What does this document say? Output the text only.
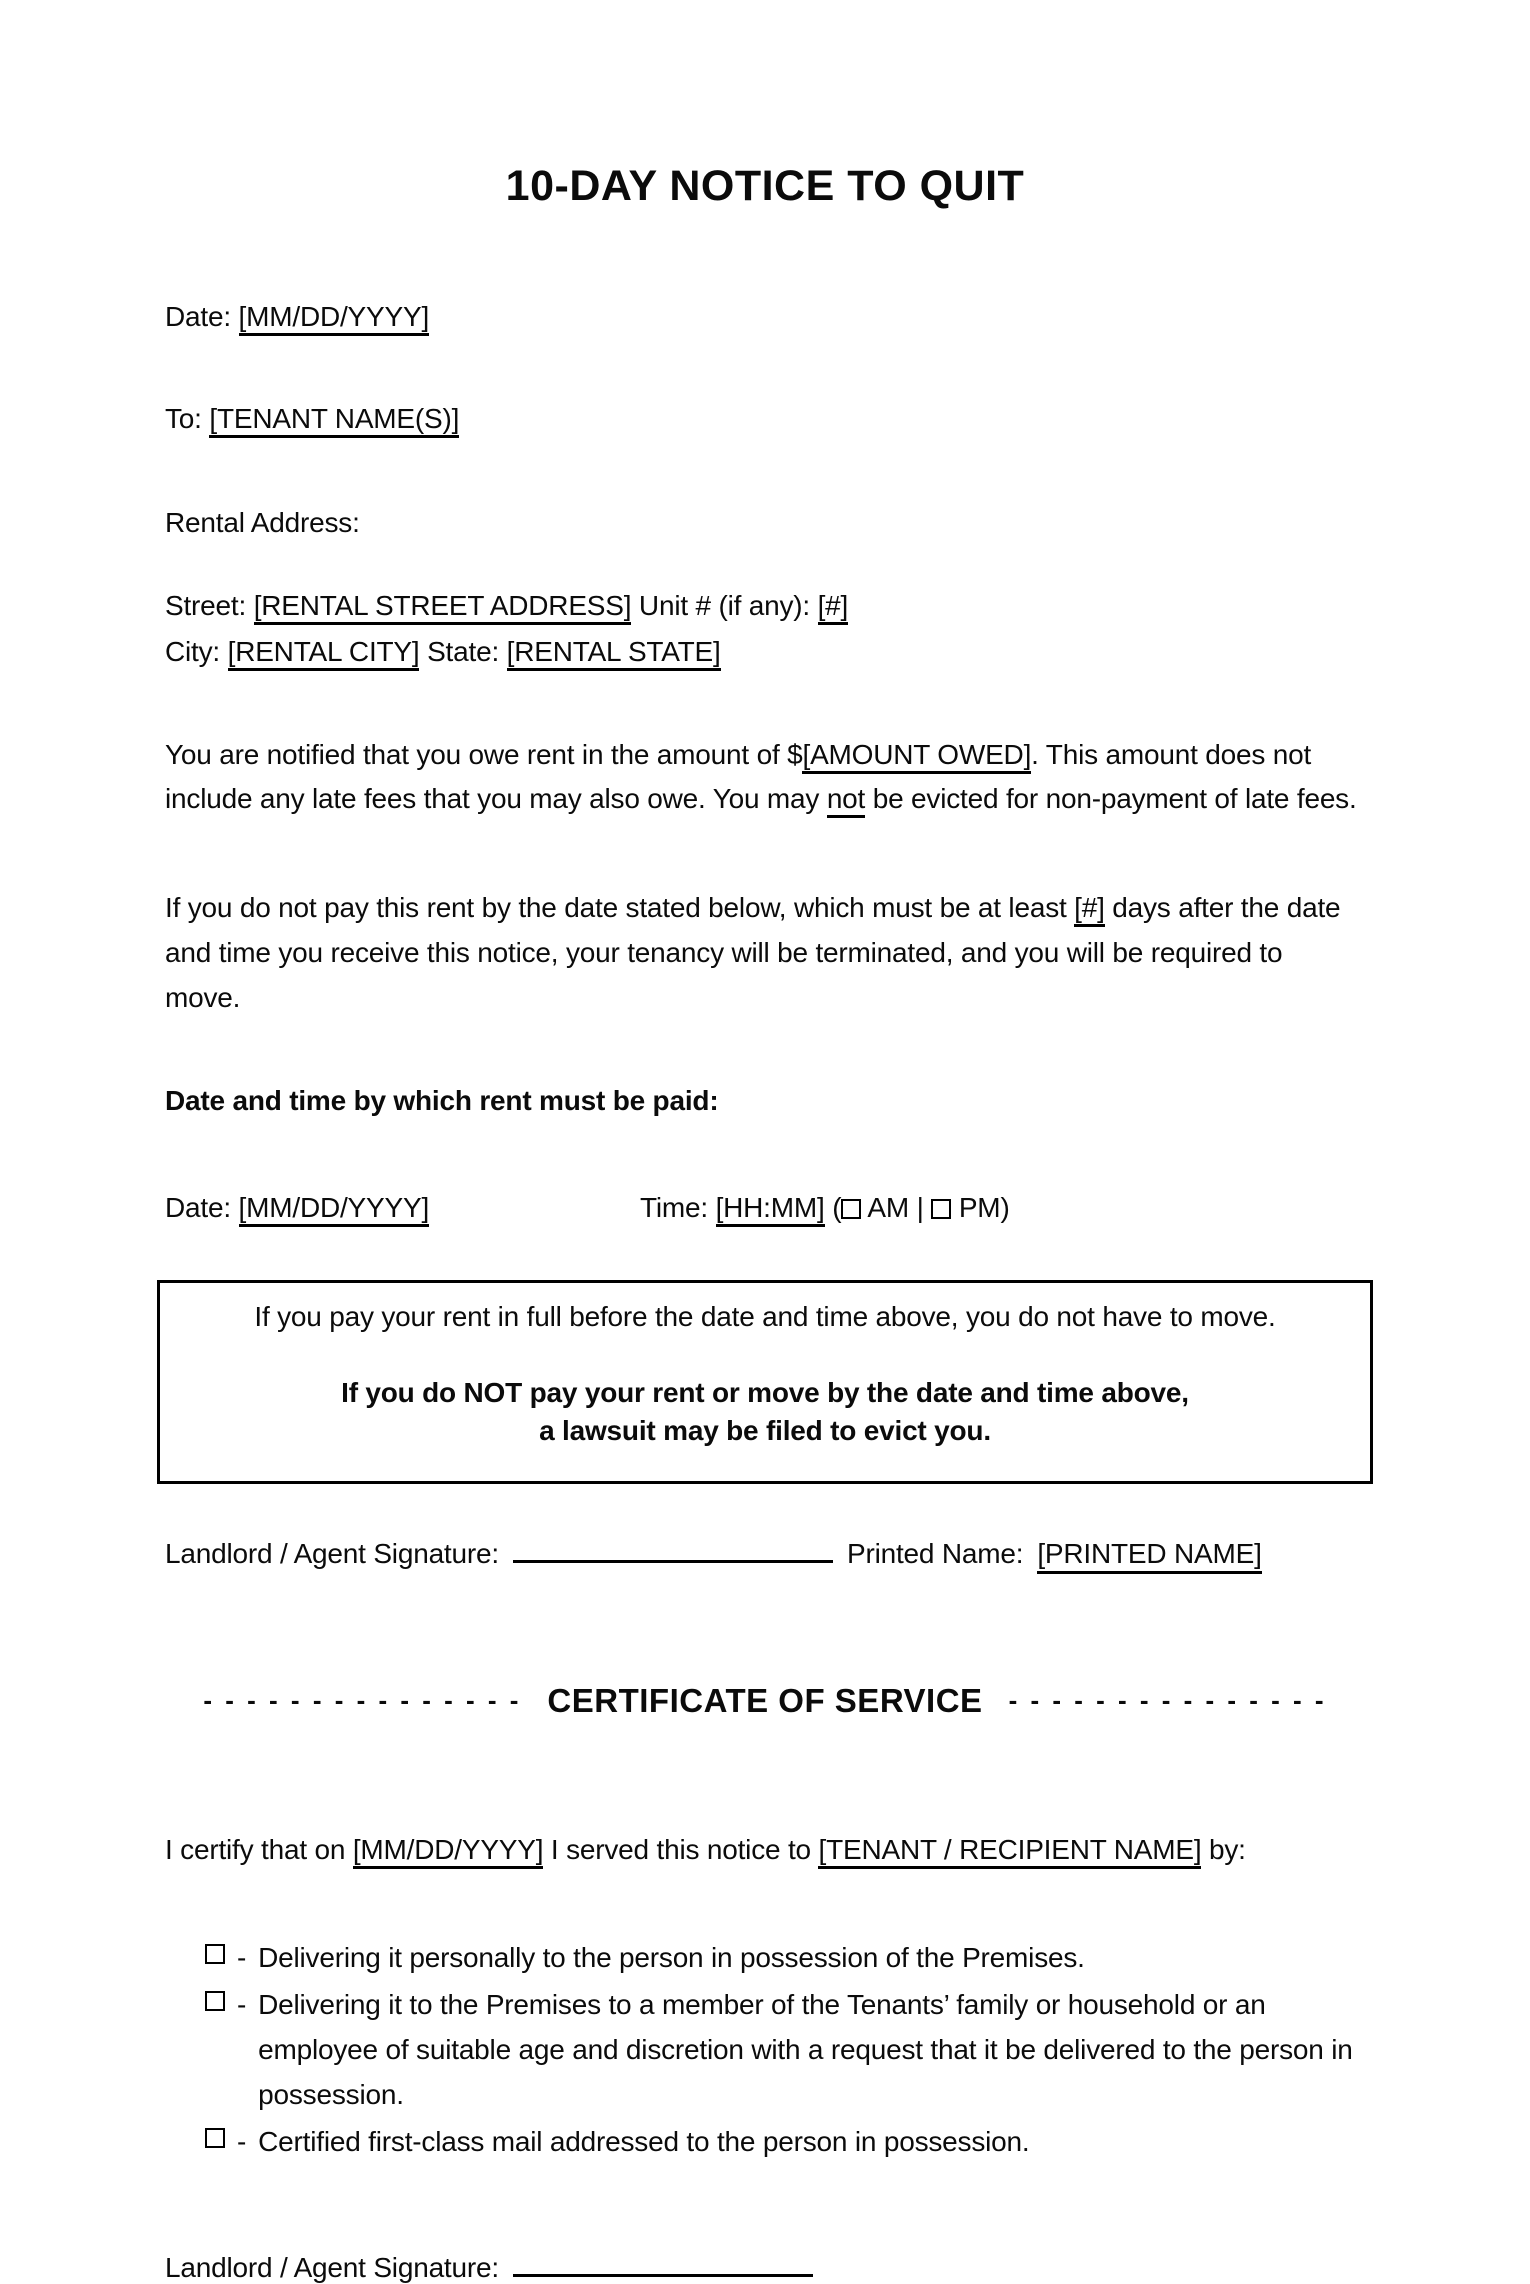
10-DAY NOTICE TO QUIT
Date: [MM/DD/YYYY]
To: [TENANT NAME(S)]
Rental Address:
Street: [RENTAL STREET ADDRESS] Unit # (if any): [#]
City: [RENTAL CITY] State: [RENTAL STATE]

You are notified that you owe rent in the amount of $[AMOUNT OWED]. This amount does not include any late fees that you may also owe. You may not be evicted for non-payment of late fees.

If you do not pay this rent by the date stated below, which must be at least [#] days after the date and time you receive this notice, your tenancy will be terminated, and you will be required to move.

Date and time by which rent must be paid:
Date: [MM/DD/YYYY]	Time: [HH:MM] ( AM | PM)
If you pay your rent in full before the date and time above, you do not have to move.
If you do NOT pay your rent or move by the date and time above,
a lawsuit may be filed to evict you.
Landlord / Agent Signature:	Printed Name: [PRINTED NAME]
- - - - - - - - - - - - - - - CERTIFICATE OF SERVICE - - - - - - - - - - - - - - -

I certify that on [MM/DD/YYYY] I served this notice to [TENANT / RECIPIENT NAME] by:

- Delivering it personally to the person in possession of the Premises.
- Delivering it to the Premises to a member of the Tenants’ family or household or an employee of suitable age and discretion with a request that it be delivered to the person in possession.
- Certified first-class mail addressed to the person in possession.
Landlord / Agent Signature:
